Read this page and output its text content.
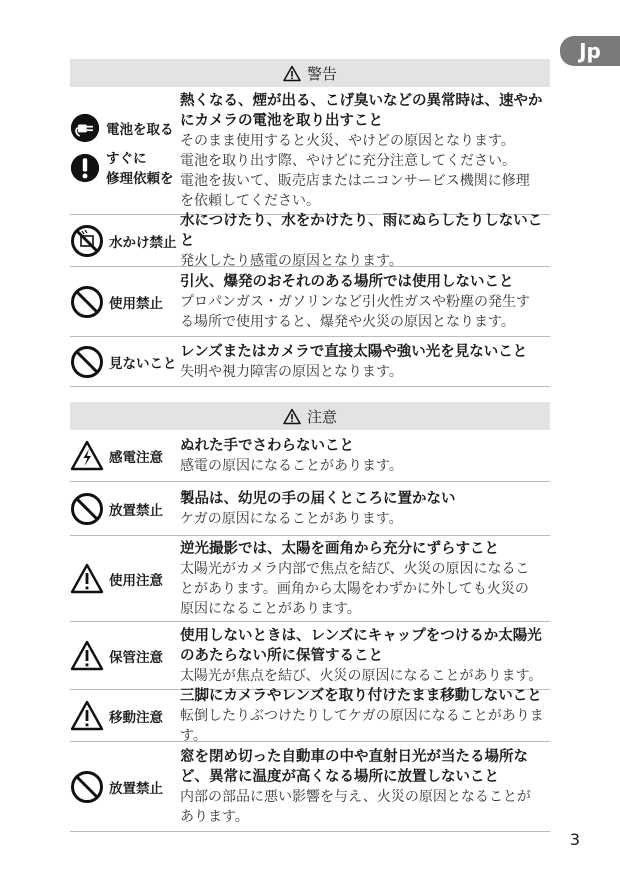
Jp
警告
電池を取る
すぐに
修理依頼を
熱くなる、煙が出る、こげ臭いなどの異常時は、速やか
にカメラの電池を取り出すこと
そのまま使用すると火災、やけどの原因となります。
電池を取り出す際、やけどに充分注意してください。
電池を抜いて、販売店またはニコンサービス機関に修理
を依頼してください。
水かけ禁止
水につけたり、水をかけたり、雨にぬらしたりしないこと
発火したり感電の原因となります。
使用禁止
引火、爆発のおそれのある場所では使用しないこと
プロパンガス・ガソリンなど引火性ガスや粉塵の発生す
る場所で使用すると、爆発や火災の原因となります。
見ないこと
レンズまたはカメラで直接太陽や強い光を見ないこと
失明や視力障害の原因となります。
注意
感電注意
ぬれた手でさわらないこと
感電の原因になることがあります。
放置禁止
製品は、幼児の手の届くところに置かない
ケガの原因になることがあります。
使用注意
逆光撮影では、太陽を画角から充分にずらすこと
太陽光がカメラ内部で焦点を結び、火災の原因になるこ
とがあります。画角から太陽をわずかに外しても火災の
原因になることがあります。
保管注意
使用しないときは、レンズにキャップをつけるか太陽光
のあたらない所に保管すること
太陽光が焦点を結び、火災の原因になることがあります。
移動注意
三脚にカメラやレンズを取り付けたまま移動しないこと
転倒したりぶつけたりしてケガの原因になることがあります。
放置禁止
窓を閉め切った自動車の中や直射日光が当たる場所な
ど、異常に温度が高くなる場所に放置しないこと
内部の部品に悪い影響を与え、火災の原因となることが
あります。
3
